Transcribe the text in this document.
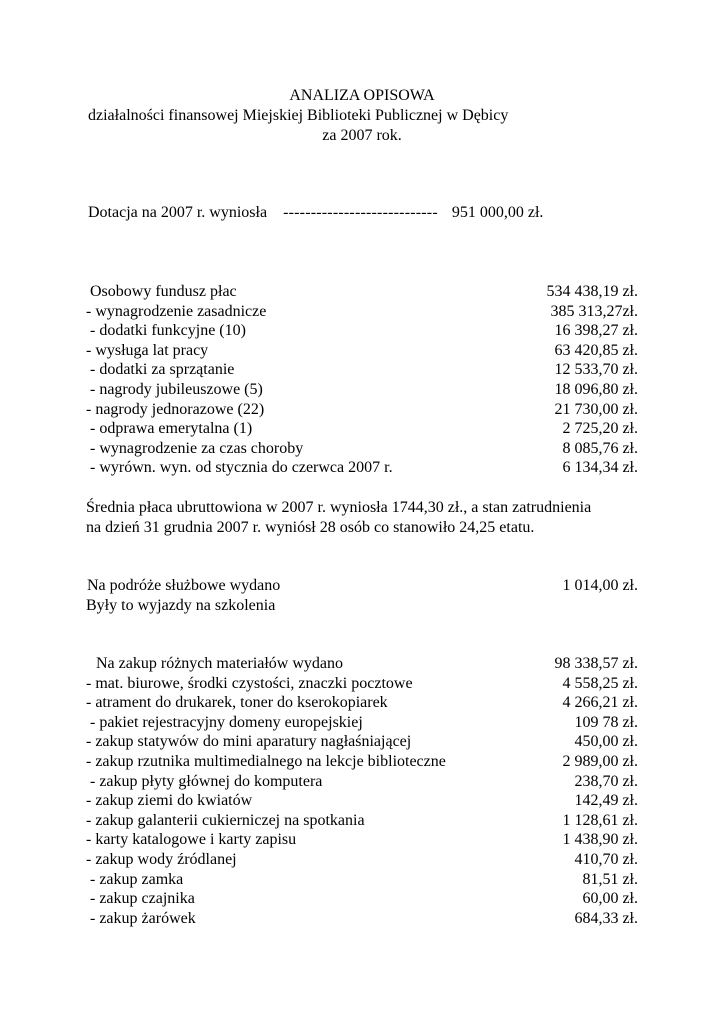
ANALIZA OPISOWA
działalności finansowej Miejskiej Biblioteki Publicznej w Dębicy
za 2007 rok.
Dotacja na 2007 r. wyniosła ---------------------------- 951 000,00 zł.
Osobowy fundusz płac	534 438,19 zł.
- wynagrodzenie zasadnicze	385 313,27zł.
- dodatki funkcyjne (10)	16 398,27 zł.
- wysługa lat pracy	63 420,85 zł.
- dodatki za sprzątanie	12 533,70 zł.
- nagrody jubileuszowe (5)	18 096,80 zł.
- nagrody jednorazowe (22)	21 730,00 zł.
- odprawa emerytalna (1)	2 725,20 zł.
- wynagrodzenie za czas choroby	8 085,76 zł.
- wyrówn. wyn. od stycznia do czerwca 2007 r.	6 134,34 zł.

Średnia płaca ubruttowiona w 2007 r. wyniosła 1744,30 zł., a stan zatrudnienia

na dzień 31 grudnia 2007 r. wyniósł 28 osób co stanowiło 24,25 etatu.

Na podróże służbowe wydano	1 014,00 zł.
Były to wyjazdy na szkolenia
Na zakup różnych materiałów wydano	98 338,57 zł.
- mat. biurowe, środki czystości, znaczki pocztowe	4 558,25 zł.
- atrament do drukarek, toner do kserokopiarek	4 266,21 zł.
- pakiet rejestracyjny domeny europejskiej	109 78 zł.
- zakup statywów do mini aparatury nagłaśniającej	450,00 zł.
- zakup rzutnika multimedialnego na lekcje biblioteczne	2 989,00 zł.
- zakup płyty głównej do komputera	238,70 zł.
- zakup ziemi do kwiatów	142,49 zł.
- zakup galanterii cukierniczej na spotkania	1 128,61 zł.
- karty katalogowe i karty zapisu	1 438,90 zł.
- zakup wody źródlanej	410,70 zł.
- zakup zamka	81,51 zł.
- zakup czajnika	60,00 zł.
- zakup żarówek	684,33 zł.
